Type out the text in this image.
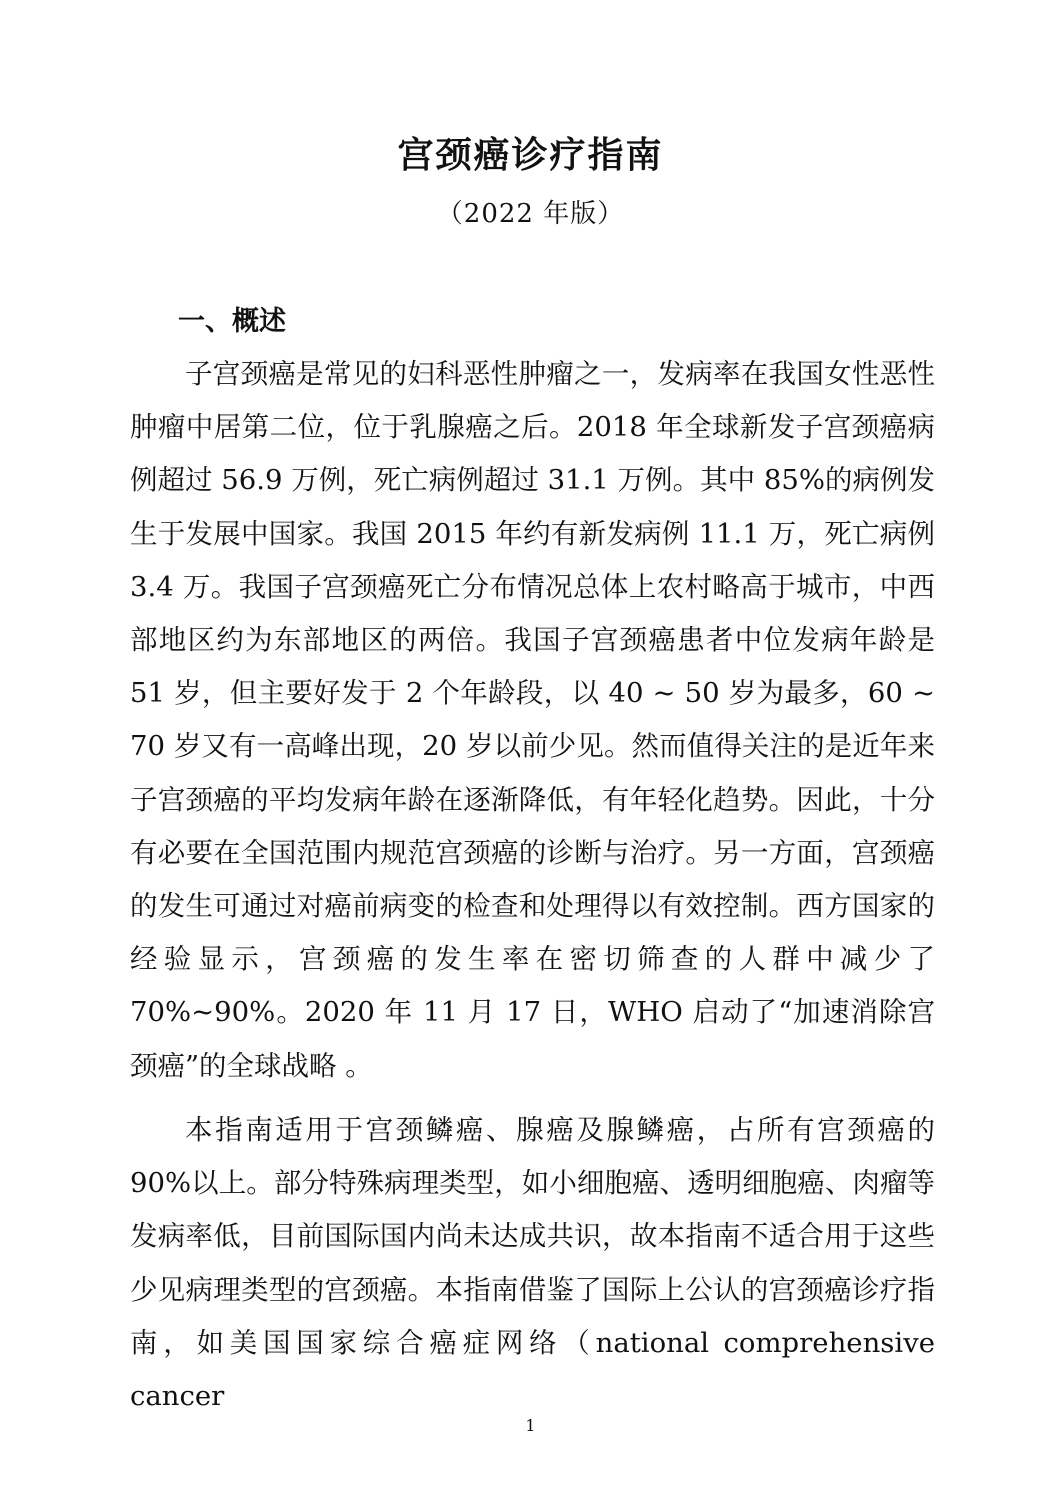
宫颈癌诊疗指南
（2022 年版）
一、概述

子宫颈癌是常见的妇科恶性肿瘤之一，发病率在我国女性恶性肿瘤中居第二位，位于乳腺癌之后。2018 年全球新发子宫颈癌病例超过 56.9 万例，死亡病例超过 31.1 万例。其中 85%的病例发生于发展中国家。我国 2015 年约有新发病例 11.1 万，死亡病例 3.4 万。我国子宫颈癌死亡分布情况总体上农村略高于城市，中西部地区约为东部地区的两倍。我国子宫颈癌患者中位发病年龄是 51 岁，但主要好发于 2 个年龄段，以 40 ~ 50 岁为最多，60 ~ 70 岁又有一高峰出现，20 岁以前少见。然而值得关注的是近年来子宫颈癌的平均发病年龄在逐渐降低，有年轻化趋势。因此，十分有必要在全国范围内规范宫颈癌的诊断与治疗。另一方面，宫颈癌的发生可通过对癌前病变的检查和处理得以有效控制。西方国家的经验显示，宫颈癌的发生率在密切筛查的人群中减少了 70%~90%。2020 年 11 月 17 日，WHO 启动了“加速消除宫颈癌”的全球战略 。

本指南适用于宫颈鳞癌、腺癌及腺鳞癌，占所有宫颈癌的 90%以上。部分特殊病理类型，如小细胞癌、透明细胞癌、肉瘤等发病率低，目前国际国内尚未达成共识，故本指南不适合用于这些少见病理类型的宫颈癌。本指南借鉴了国际上公认的宫颈癌诊疗指南，如美国国家综合癌症网络（national comprehensive cancer

1
